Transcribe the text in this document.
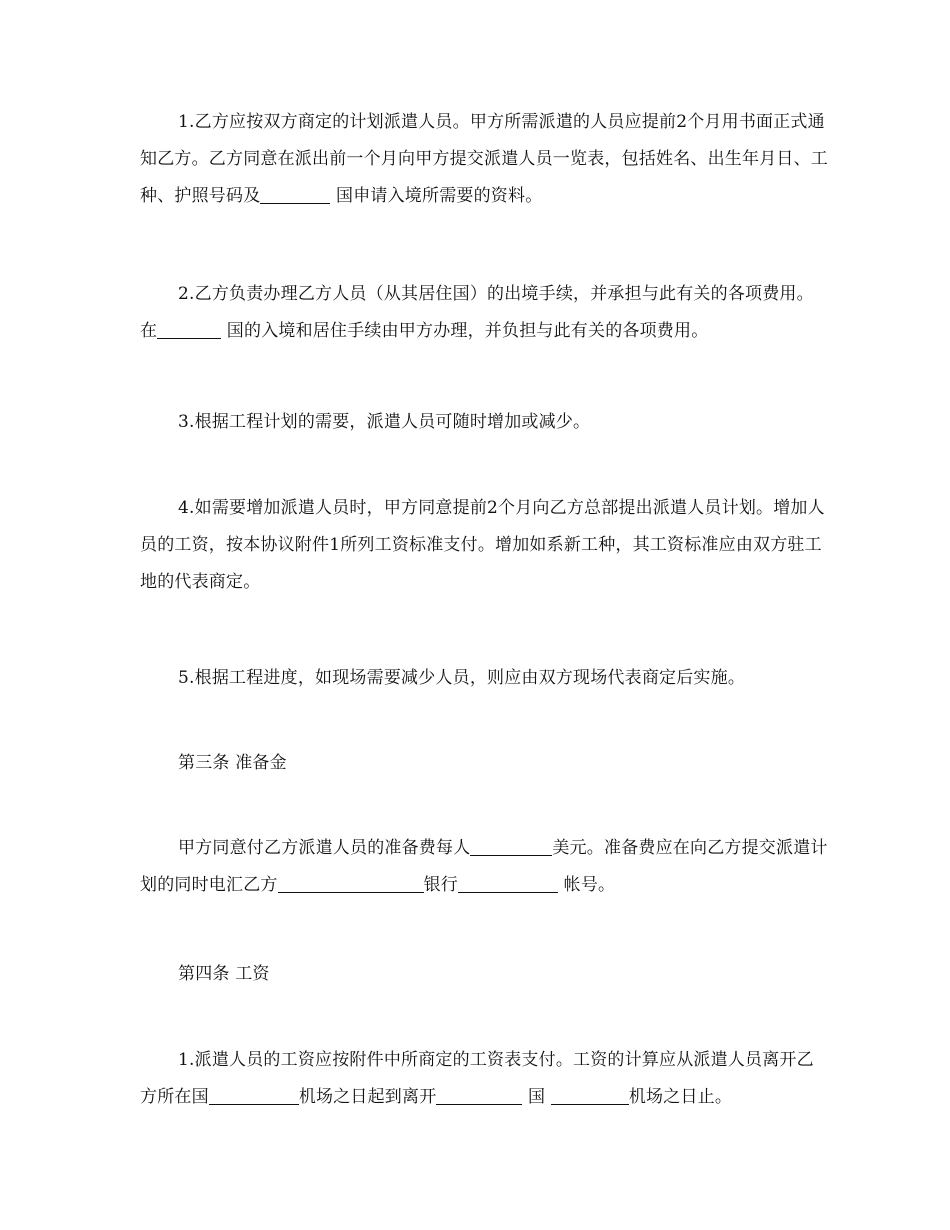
1.乙方应按双方商定的计划派遣人员。甲方所需派遣的人员应提前2个月用书面正式通知乙方。乙方同意在派出前一个月向甲方提交派遣人员一览表，包括姓名、出生年月日、工种、护照号码及	国申请入境所需要的资料。
2.乙方负责办理乙方人员（从其居住国）的出境手续，并承担与此有关的各项费用。在	国的入境和居住手续由甲方办理，并负担与此有关的各项费用。
3.根据工程计划的需要，派遣人员可随时增加或减少。
4.如需要增加派遣人员时，甲方同意提前2个月向乙方总部提出派遣人员计划。增加人员的工资，按本协议附件1所列工资标准支付。增加如系新工种，其工资标准应由双方驻工地的代表商定。
5.根据工程进度，如现场需要减少人员，则应由双方现场代表商定后实施。
第三条 准备金
甲方同意付乙方派遣人员的准备费每人	美元。准备费应在向乙方提交派遣计划的同时电汇乙方	银行	帐号。
第四条 工资
1.派遣人员的工资应按附件中所商定的工资表支付。工资的计算应从派遣人员离开乙方所在国	机场之日起到离开	国	机场之日止。
